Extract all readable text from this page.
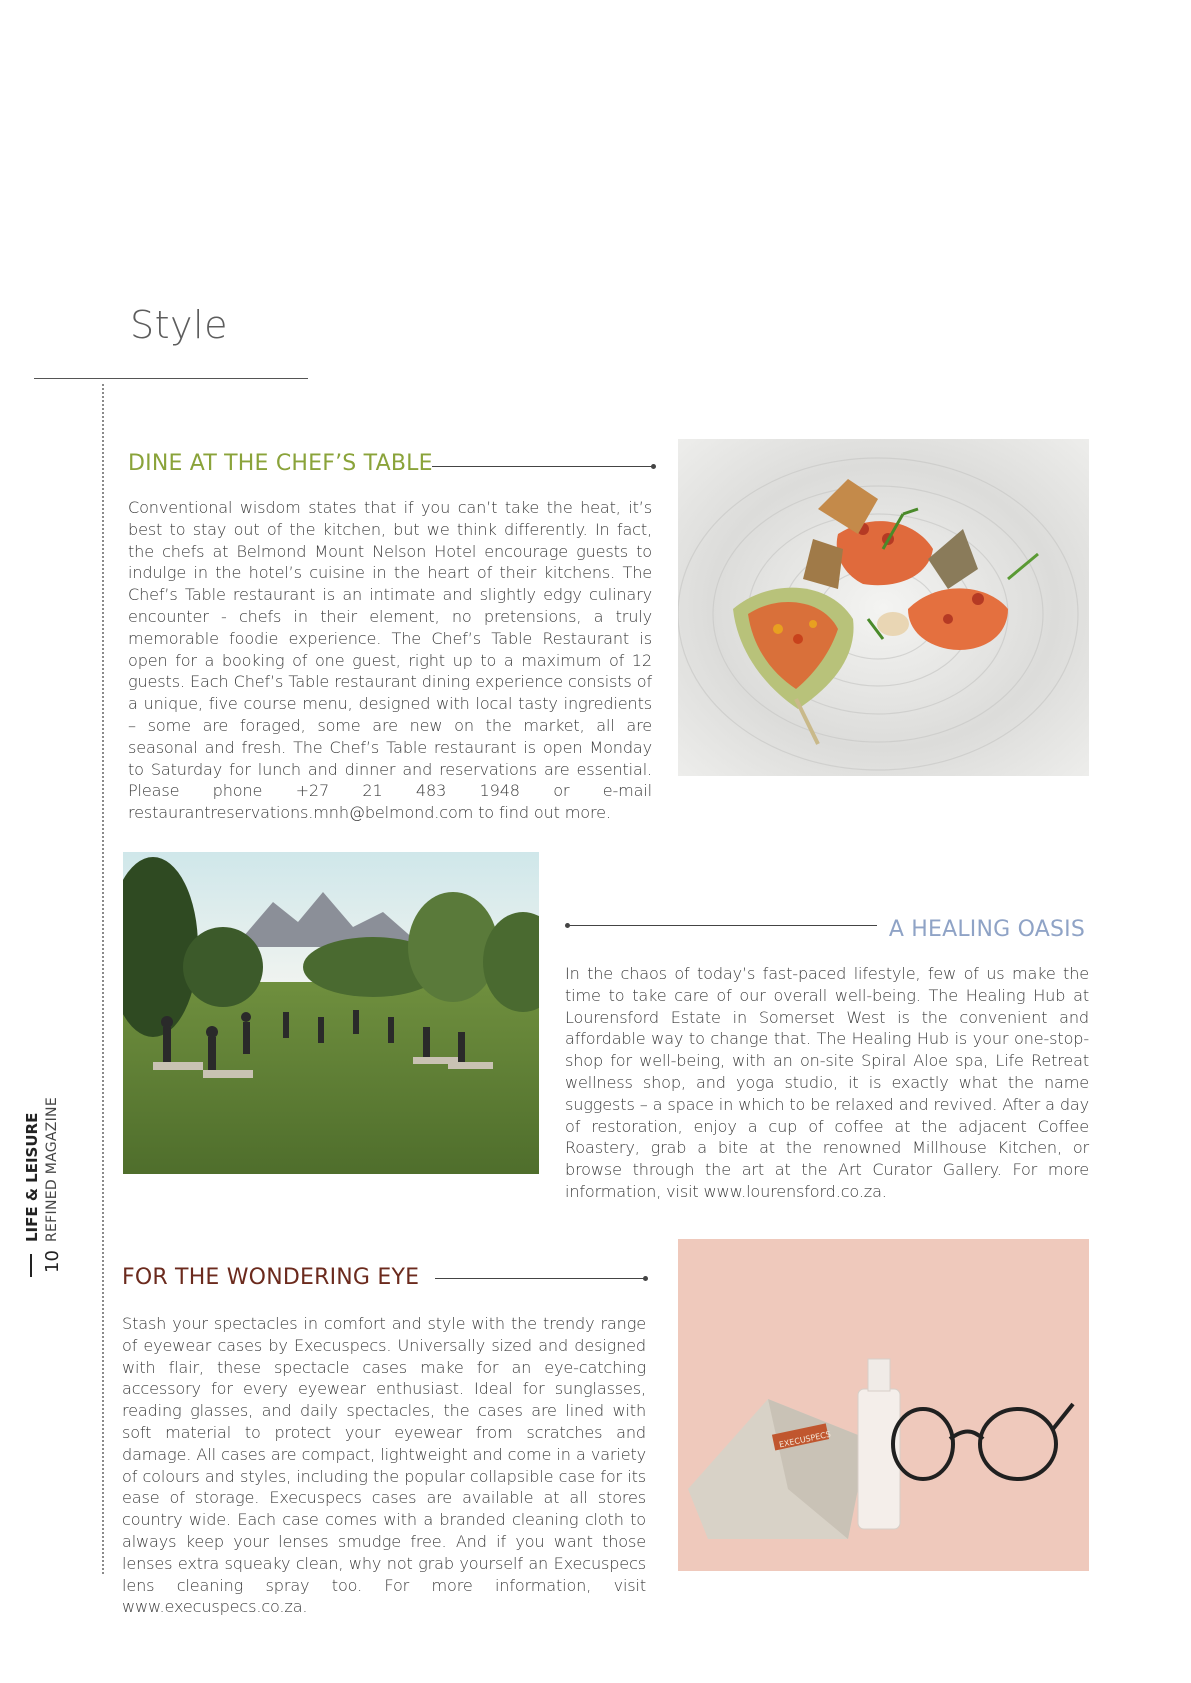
Style
LIFE & LEISURE REFINED MAGAZINE
10
DINE AT THE CHEF’S TABLE
Conventional wisdom states that if you can’t take the heat, it’s best to stay out of the kitchen, but we think differently. In fact, the chefs at Belmond Mount Nelson Hotel encourage guests to indulge in the hotel’s cuisine in the heart of their kitchens. The Chef’s Table restaurant is an intimate and slightly edgy culinary encounter - chefs in their element, no pretensions, a truly memorable foodie experience. The Chef’s Table Restaurant is open for a booking of one guest, right up to a maximum of 12 guests. Each Chef’s Table restaurant dining experience consists of a unique, five course menu, designed with local tasty ingredients – some are foraged, some are new on the market, all are seasonal and fresh. The Chef’s Table restaurant is open Monday to Saturday for lunch and dinner and reservations are essential. Please phone +27 21 483 1948 or e-mail restaurantreservations.mnh@belmond.com to find out more.
A HEALING OASIS
In the chaos of today’s fast-paced lifestyle, few of us make the time to take care of our overall well-being. The Healing Hub at Lourensford Estate in Somerset West is the convenient and affordable way to change that. The Healing Hub is your one-stop-shop for well-being, with an on-site Spiral Aloe spa, Life Retreat wellness shop, and yoga studio, it is exactly what the name suggests – a space in which to be relaxed and revived. After a day of restoration, enjoy a cup of coffee at the adjacent Coffee Roastery, grab a bite at the renowned Millhouse Kitchen, or browse through the art at the Art Curator Gallery. For more information, visit www.lourensford.co.za.
FOR THE WONDERING EYE
Stash your spectacles in comfort and style with the trendy range of eyewear cases by Execuspecs. Universally sized and designed with flair, these spectacle cases make for an eye-catching accessory for every eyewear enthusiast. Ideal for sunglasses, reading glasses, and daily spectacles, the cases are lined with soft material to protect your eyewear from scratches and damage. All cases are compact, lightweight and come in a variety of colours and styles, including the popular collapsible case for its ease of storage. Execuspecs cases are available at all stores country wide. Each case comes with a branded cleaning cloth to always keep your lenses smudge free. And if you want those lenses extra squeaky clean, why not grab yourself an Execuspecs lens cleaning spray too. For more information, visit www.execuspecs.co.za.
EXECUSPECS
